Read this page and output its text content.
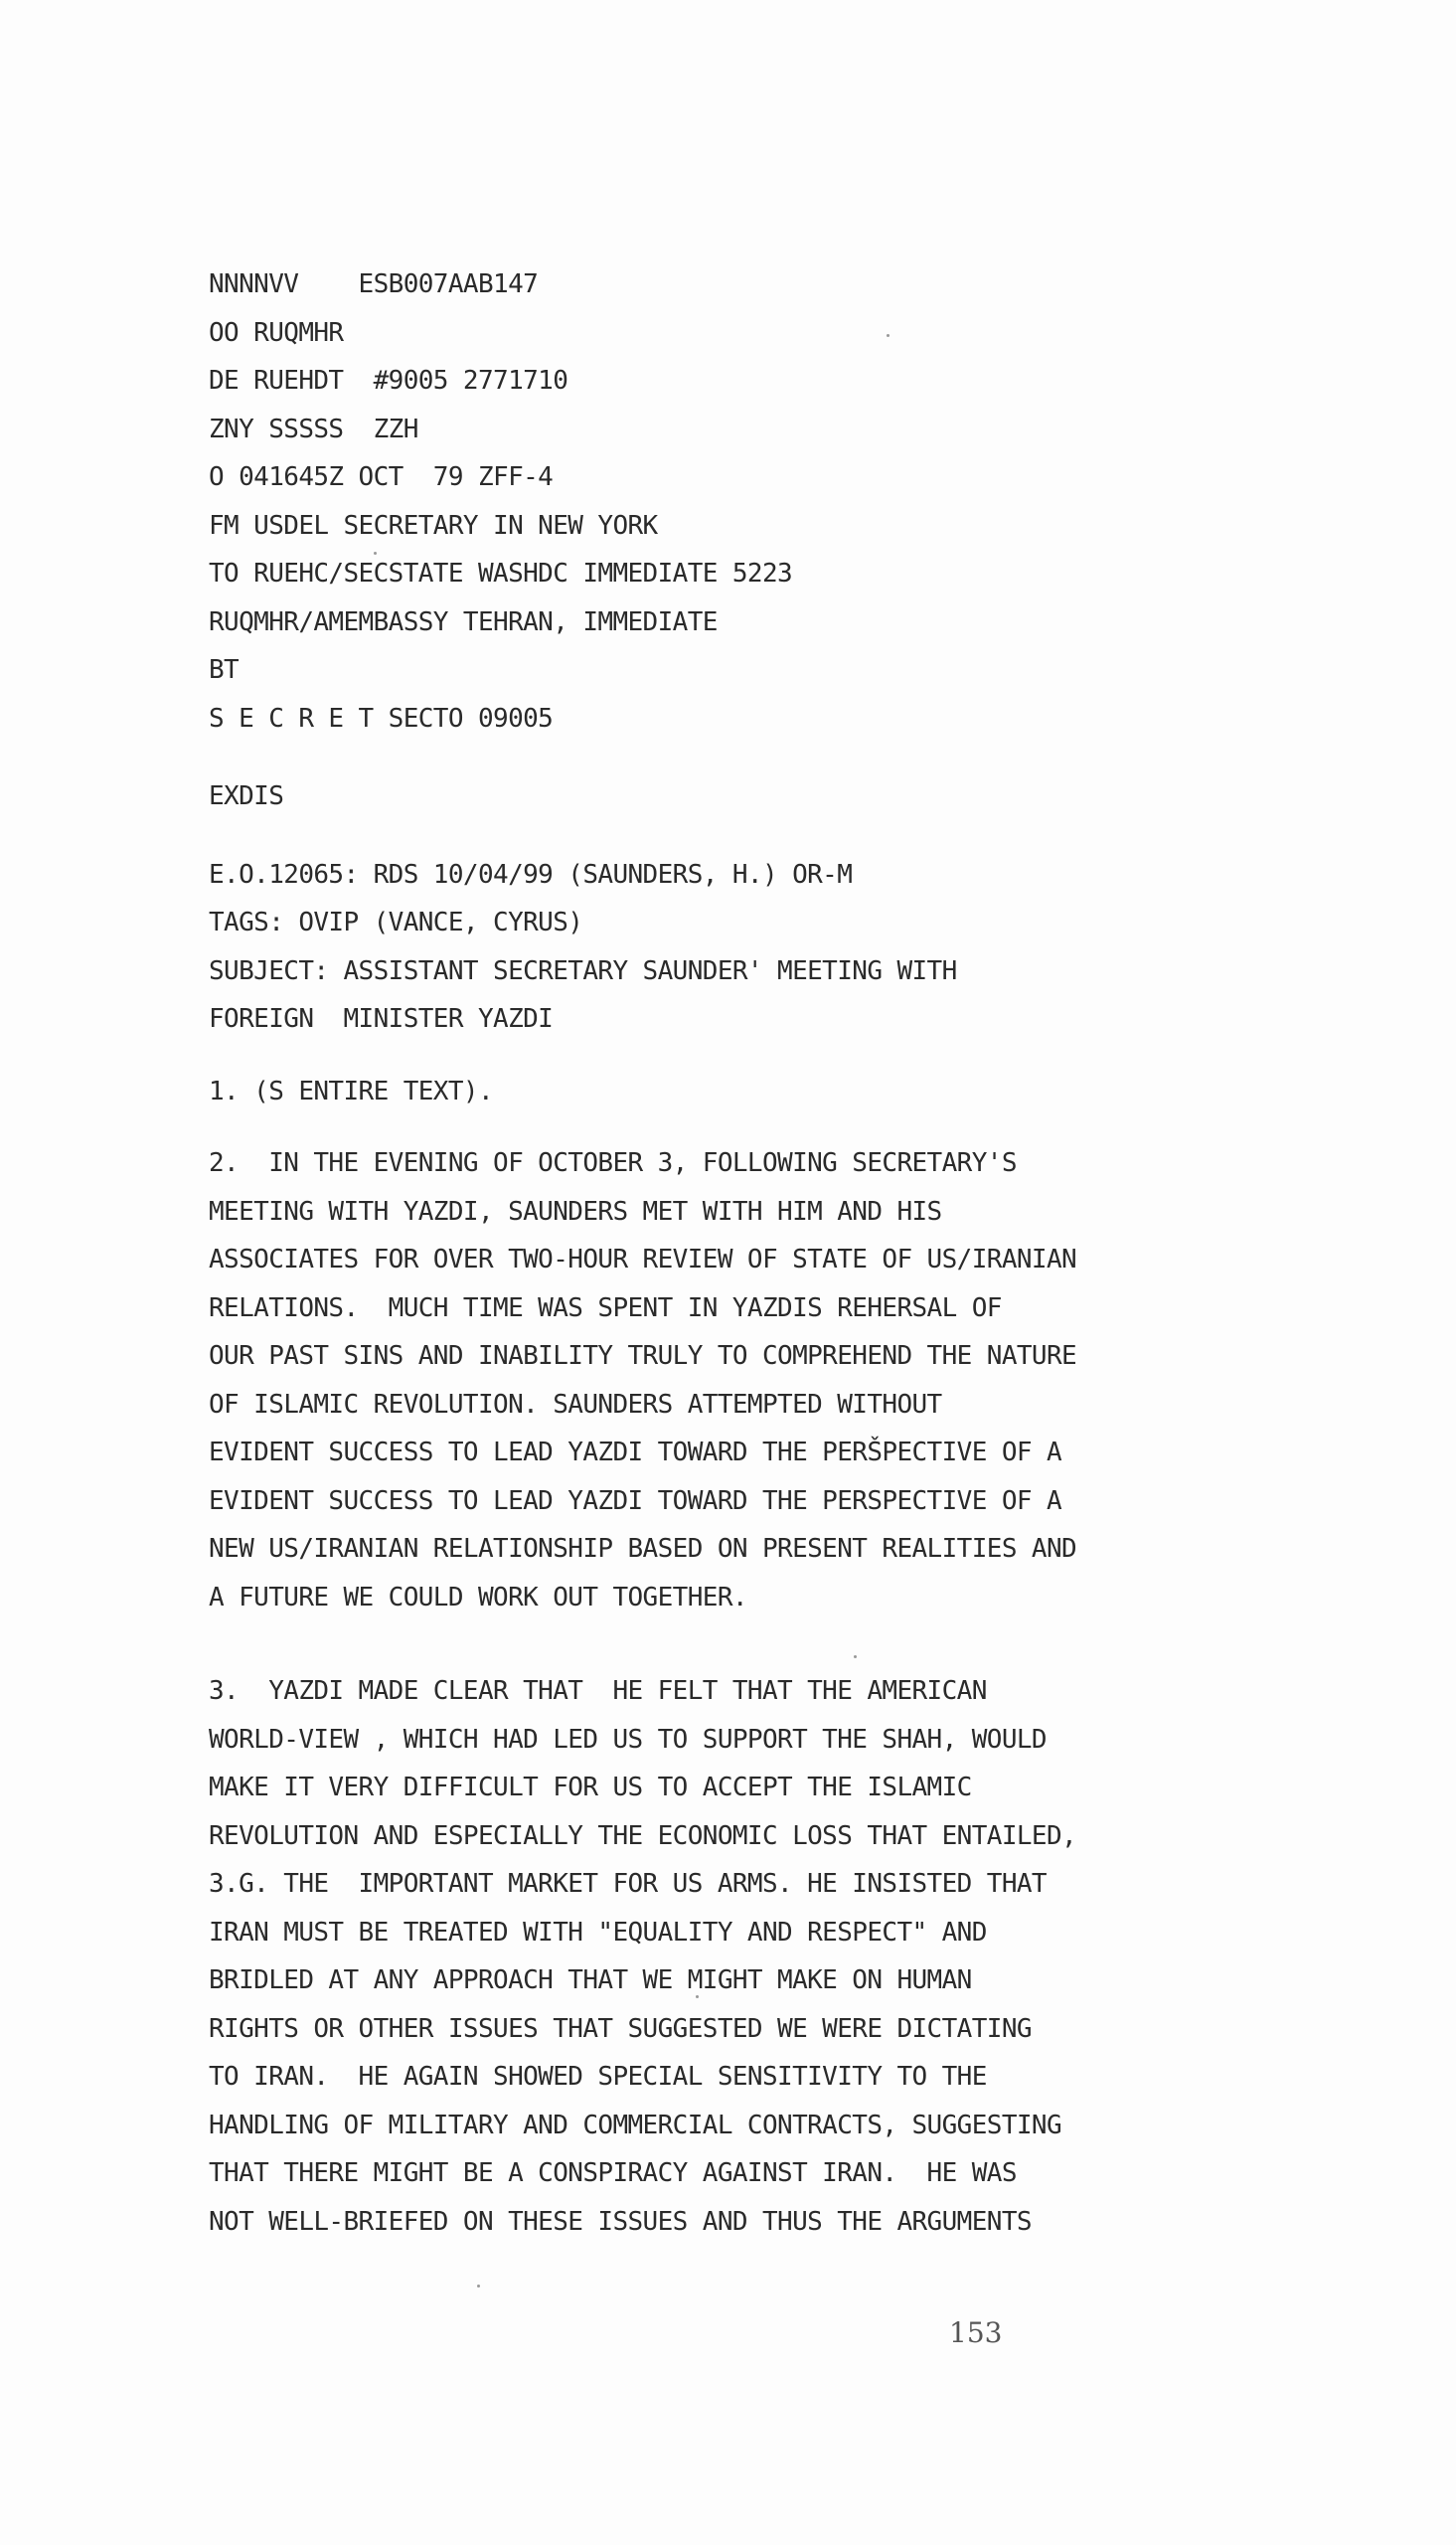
NNNNVV    ESB007AAB147
OO RUQMHR
DE RUEHDT  #9005 2771710
ZNY SSSSS  ZZH
O 041645Z OCT  79 ZFF-4
FM USDEL SECRETARY IN NEW YORK
TO RUEHC/SECSTATE WASHDC IMMEDIATE 5223
RUQMHR/AMEMBASSY TEHRAN, IMMEDIATE
BT
S E C R E T SECTO 09005
EXDIS
E.O.12065: RDS 10/04/99 (SAUNDERS, H.) OR-M
TAGS: OVIP (VANCE, CYRUS)
SUBJECT: ASSISTANT SECRETARY SAUNDER' MEETING WITH
FOREIGN  MINISTER YAZDI
1. (S ENTIRE TEXT).
2.  IN THE EVENING OF OCTOBER 3, FOLLOWING SECRETARY'S
MEETING WITH YAZDI, SAUNDERS MET WITH HIM AND HIS
ASSOCIATES FOR OVER TWO-HOUR REVIEW OF STATE OF US/IRANIAN
RELATIONS.  MUCH TIME WAS SPENT IN YAZDIS REHERSAL OF
OUR PAST SINS AND INABILITY TRULY TO COMPREHEND THE NATURE
OF ISLAMIC REVOLUTION. SAUNDERS ATTEMPTED WITHOUT
EVIDENT SUCCESS TO LEAD YAZDI TOWARD THE PERŠPECTIVE OF A
EVIDENT SUCCESS TO LEAD YAZDI TOWARD THE PERSPECTIVE OF A
NEW US/IRANIAN RELATIONSHIP BASED ON PRESENT REALITIES AND
A FUTURE WE COULD WORK OUT TOGETHER.
3.  YAZDI MADE CLEAR THAT  HE FELT THAT THE AMERICAN
WORLD-VIEW , WHICH HAD LED US TO SUPPORT THE SHAH, WOULD
MAKE IT VERY DIFFICULT FOR US TO ACCEPT THE ISLAMIC
REVOLUTION AND ESPECIALLY THE ECONOMIC LOSS THAT ENTAILED,
3.G. THE  IMPORTANT MARKET FOR US ARMS. HE INSISTED THAT
IRAN MUST BE TREATED WITH "EQUALITY AND RESPECT" AND
BRIDLED AT ANY APPROACH THAT WE MIGHT MAKE ON HUMAN
RIGHTS OR OTHER ISSUES THAT SUGGESTED WE WERE DICTATING
TO IRAN.  HE AGAIN SHOWED SPECIAL SENSITIVITY TO THE
HANDLING OF MILITARY AND COMMERCIAL CONTRACTS, SUGGESTING
THAT THERE MIGHT BE A CONSPIRACY AGAINST IRAN.  HE WAS
NOT WELL-BRIEFED ON THESE ISSUES AND THUS THE ARGUMENTS
153
